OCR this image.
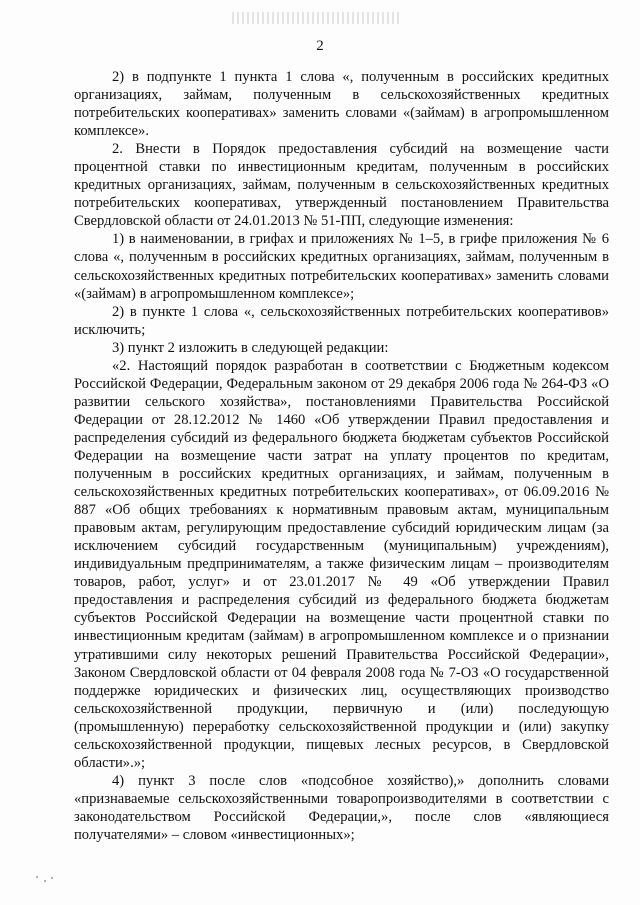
2

2) в подпункте 1 пункта 1 слова «, полученным в российских кредитных организациях, займам, полученным в сельскохозяйственных кредитных потребительских кооперативах» заменить словами «(займам) в агропромышленном комплексе».

2. Внести в Порядок предоставления субсидий на возмещение части процентной ставки по инвестиционным кредитам, полученным в российских кредитных организациях, займам, полученным в сельскохозяйственных кредитных потребительских кооперативах, утвержденный постановлением Правительства Свердловской области от 24.01.2013 № 51-ПП, следующие изменения:

1) в наименовании, в грифах и приложениях № 1–5, в грифе приложения № 6 слова «, полученным в российских кредитных организациях, займам, полученным в сельскохозяйственных кредитных потребительских кооперативах» заменить словами «(займам) в агропромышленном комплексе»;

2) в пункте 1 слова «, сельскохозяйственных потребительских кооперативов» исключить;

3) пункт 2 изложить в следующей редакции:

«2. Настоящий порядок разработан в соответствии с Бюджетным кодексом Российской Федерации, Федеральным законом от 29 декабря 2006 года № 264-ФЗ «О развитии сельского хозяйства», постановлениями Правительства Российской Федерации от 28.12.2012 № 1460 «Об утверждении Правил предоставления и распределения субсидий из федерального бюджета бюджетам субъектов Российской Федерации на возмещение части затрат на уплату процентов по кредитам, полученным в российских кредитных организациях, и займам, полученным в сельскохозяйственных кредитных потребительских кооперативах», от 06.09.2016 № 887 «Об общих требованиях к нормативным правовым актам, муниципальным правовым актам, регулирующим предоставление субсидий юридическим лицам (за исключением субсидий государственным (муниципальным) учреждениям), индивидуальным предпринимателям, а также физическим лицам – производителям товаров, работ, услуг» и от 23.01.2017 № 49 «Об утверждении Правил предоставления и распределения субсидий из федерального бюджета бюджетам субъектов Российской Федерации на возмещение части процентной ставки по инвестиционным кредитам (займам) в агропромышленном комплексе и о признании утратившими силу некоторых решений Правительства Российской Федерации», Законом Свердловской области от 04 февраля 2008 года № 7-ОЗ «О государственной поддержке юридических и физических лиц, осуществляющих производство сельскохозяйственной продукции, первичную и (или) последующую (промышленную) переработку сельскохозяйственной продукции и (или) закупку сельскохозяйственной продукции, пищевых лесных ресурсов, в Свердловской области».»;

4) пункт 3 после слов «подсобное хозяйство),» дополнить словами «признаваемые сельскохозяйственными товаропроизводителями в соответствии с законодательством Российской Федерации,», после слов «являющиеся получателями» – словом «инвестиционных»;
